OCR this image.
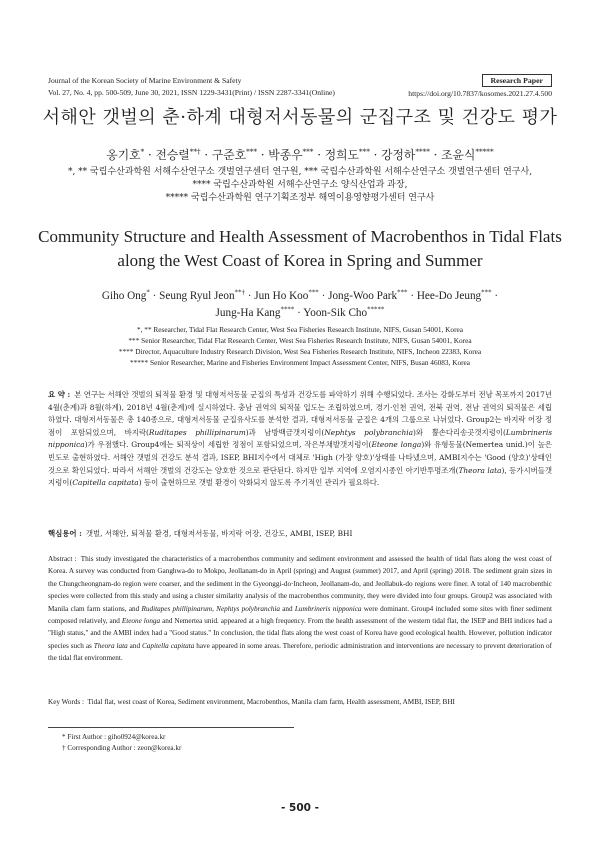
Journal of the Korean Society of Marine Environment & Safety
Vol. 27, No. 4, pp. 500-509, June 30, 2021, ISSN 1229-3431(Print) / ISSN 2287-3341(Online)
Research Paper
https://doi.org/10.7837/kosomes.2021.27.4.500
서해안 갯벌의 춘·하계 대형저서동물의 군집구조 및 건강도 평가
옹기호* · 전승렬**† · 구준호*** · 박종우*** · 정희도*** · 강정하**** · 조윤식*****
*, ** 국립수산과학원 서해수산연구소 갯벌연구센터 연구원, *** 국립수산과학원 서해수산연구소 갯벌연구센터 연구사,
**** 국립수산과학원 서해수산연구소 양식산업과 과장,
***** 국립수산과학원 연구기획조정부 해역이용영향평가센터 연구사
Community Structure and Health Assessment of Macrobenthos in Tidal Flats
along the West Coast of Korea in Spring and Summer
Giho Ong* · Seung Ryul Jeon**† · Jun Ho Koo*** · Jong-Woo Park*** · Hee-Do Jeung*** ·
Jung-Ha Kang**** · Yoon-Sik Cho*****
*, ** Researcher, Tidal Flat Research Center, West Sea Fisheries Research Institute, NIFS, Gusan 54001, Korea
*** Senior Researcher, Tidal Flat Research Center, West Sea Fisheries Research Institute, NIFS, Gusan 54001, Korea
**** Director, Aquaculture Industry Research Division, West Sea Fisheries Research Institute, NIFS, Incheon 22383, Korea
***** Senior Researcher, Marine and Fisheries Environment Impact Assessment Center, NIFS, Busan 46083, Korea
요 약 : 본 연구는 서해안 갯벌의 퇴적물 환경 및 대형저서동물 군집의 특성과 건강도를 파악하기 위해 수행되었다. 조사는 강화도부터 전남 목포까지 2017년 4월(춘계)과 8월(하계), 2018년 4월(춘계)에 실시하였다. 충남 권역의 퇴적물 입도는 조립하였으며, 경기·인천 권역, 전북 권역, 전남 권역의 퇴적물은 세립하였다. 대형저서동물은 총 140종으로, 대형저서동물 군집유사도를 분석한 결과, 대형저서동물 군집은 4개의 그룹으로 나뉘었다. Group2는 바지락 어장 정점이 포함되었으며, 바지락(Ruditapes phillipinarum)과 남방백금갯지렁이(Nephtys polybranchia)와 뿔손다리송곳갯지렁이(Lumbrineris nipponica)가 우점했다. Group4에는 퇴적상이 세립한 정점이 포함되었으며, 작은부채발갯지렁이(Eteone longa)와 유형동물(Nemertea unid.)이 높은 빈도로 출현하였다. 서해안 갯벌의 건강도 분석 결과, ISEP, BHI지수에서 대체로 'High (가장 양호)'상태를 나타냈으며, AMBI지수는 'Good (양호)'상태인 것으로 확인되었다. 따라서 서해안 갯벌의 건강도는 양호한 것으로 판단된다. 하지만 일부 지역에 오염지시종인 아기반투명조개(Theora lata), 등가시버들갯지렁이(Capitella capitata) 등이 출현하므로 갯벌 환경이 악화되지 않도록 주기적인 관리가 필요하다.
핵심용어 : 갯벌, 서해안, 퇴적물 환경, 대형저서동물, 바지락 어장, 건강도, AMBI, ISEP, BHI
Abstract : This study investigated the characteristics of a macrobenthos community and sediment environment and assessed the health of tidal flats along the west coast of Korea. A survey was conducted from Ganghwa-do to Mokpo, Jeollanam-do in April (spring) and August (summer) 2017, and April (spring) 2018. The sediment grain sizes in the Chungcheongnam-do region were coarser, and the sediment in the Gyeonggi-do·Incheon, Jeollanam-do, and Jeollabuk-do regions were finer. A total of 140 macrobenthic species were collected from this study and using a cluster similarity analysis of the macrobenthos community, they were divided into four groups. Group2 was associated with Manila clam farm stations, and Ruditapes phillipinarum, Nephtys polybranchia and Lumbrineris nipponica were dominant. Group4 included some sites with finer sediment composed relatively, and Eteone longa and Nemertea unid. appeared at a high frequency. From the health assessment of the western tidal flat, the ISEP and BHI indices had a "High status," and the AMBI index had a "Good status." In conclusion, the tidal flats along the west coast of Korea have good ecological health. However, pollution indicator species such as Theora lata and Capitella capitata have appeared in some areas. Therefore, periodic administration and interventions are necessary to prevent deterioration of the tidal flat environment.
Key Words : Tidal flat, west coast of Korea, Sediment environment, Macrobenthos, Manila clam farm, Health assessment, AMBI, ISEP, BHI
* First Author : giho0924@korea.kr
† Corresponding Author : zeon@korea.kr
- 500 -
